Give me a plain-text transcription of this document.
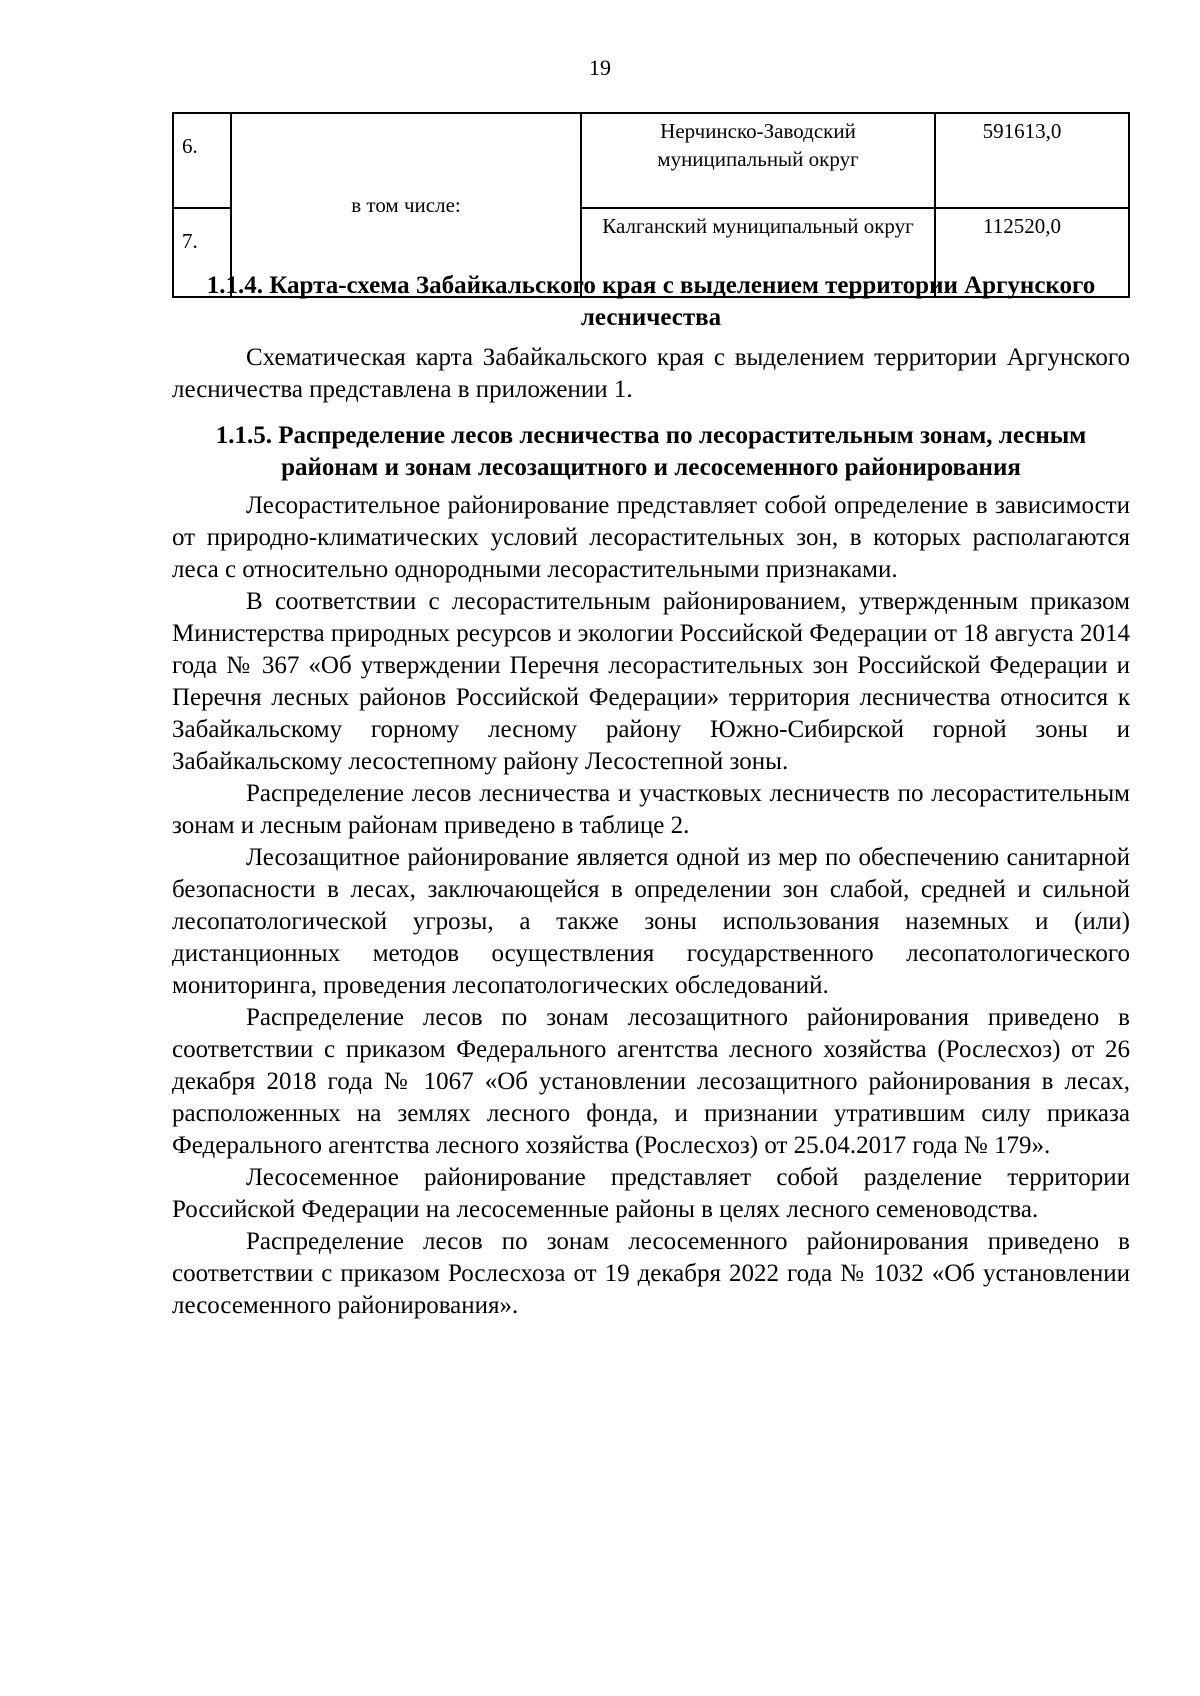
19
6.	в том числе:	Нерчинско-Заводский муниципальный округ	591613,0
7.		Калганский муниципальный округ	112520,0
1.1.4. Карта-схема Забайкальского края с выделением территории Аргунского лесничества

Схематическая карта Забайкальского края с выделением территории Аргунского лесничества представлена в приложении 1.

1.1.5. Распределение лесов лесничества по лесорастительным зонам, лесным районам и зонам лесозащитного и лесосеменного районирования

Лесорастительное районирование представляет собой определение в зависимости от природно-климатических условий лесорастительных зон, в которых располагаются леса с относительно однородными лесорастительными признаками.

В соответствии с лесорастительным районированием, утвержденным приказом Министерства природных ресурсов и экологии Российской Федерации от 18 августа 2014 года № 367 «Об утверждении Перечня лесорастительных зон Российской Федерации и Перечня лесных районов Российской Федерации» территория лесничества относится к Забайкальскому горному лесному району Южно-Сибирской горной зоны и Забайкальскому лесостепному району Лесостепной зоны.

Распределение лесов лесничества и участковых лесничеств по лесорастительным зонам и лесным районам приведено в таблице 2.

Лесозащитное районирование является одной из мер по обеспечению санитарной безопасности в лесах, заключающейся в определении зон слабой, средней и сильной лесопатологической угрозы, а также зоны использования наземных и (или) дистанционных методов осуществления государственного лесопатологического мониторинга, проведения лесопатологических обследований.

Распределение лесов по зонам лесозащитного районирования приведено в соответствии с приказом Федерального агентства лесного хозяйства (Рослесхоз) от 26 декабря 2018 года № 1067 «Об установлении лесозащитного районирования в лесах, расположенных на землях лесного фонда, и признании утратившим силу приказа Федерального агентства лесного хозяйства (Рослесхоз) от 25.04.2017 года № 179».

Лесосеменное районирование представляет собой разделение территории Российской Федерации на лесосеменные районы в целях лесного семеноводства.

Распределение лесов по зонам лесосеменного районирования приведено в соответствии с приказом Рослесхоза от 19 декабря 2022 года № 1032 «Об установлении лесосеменного районирования».
